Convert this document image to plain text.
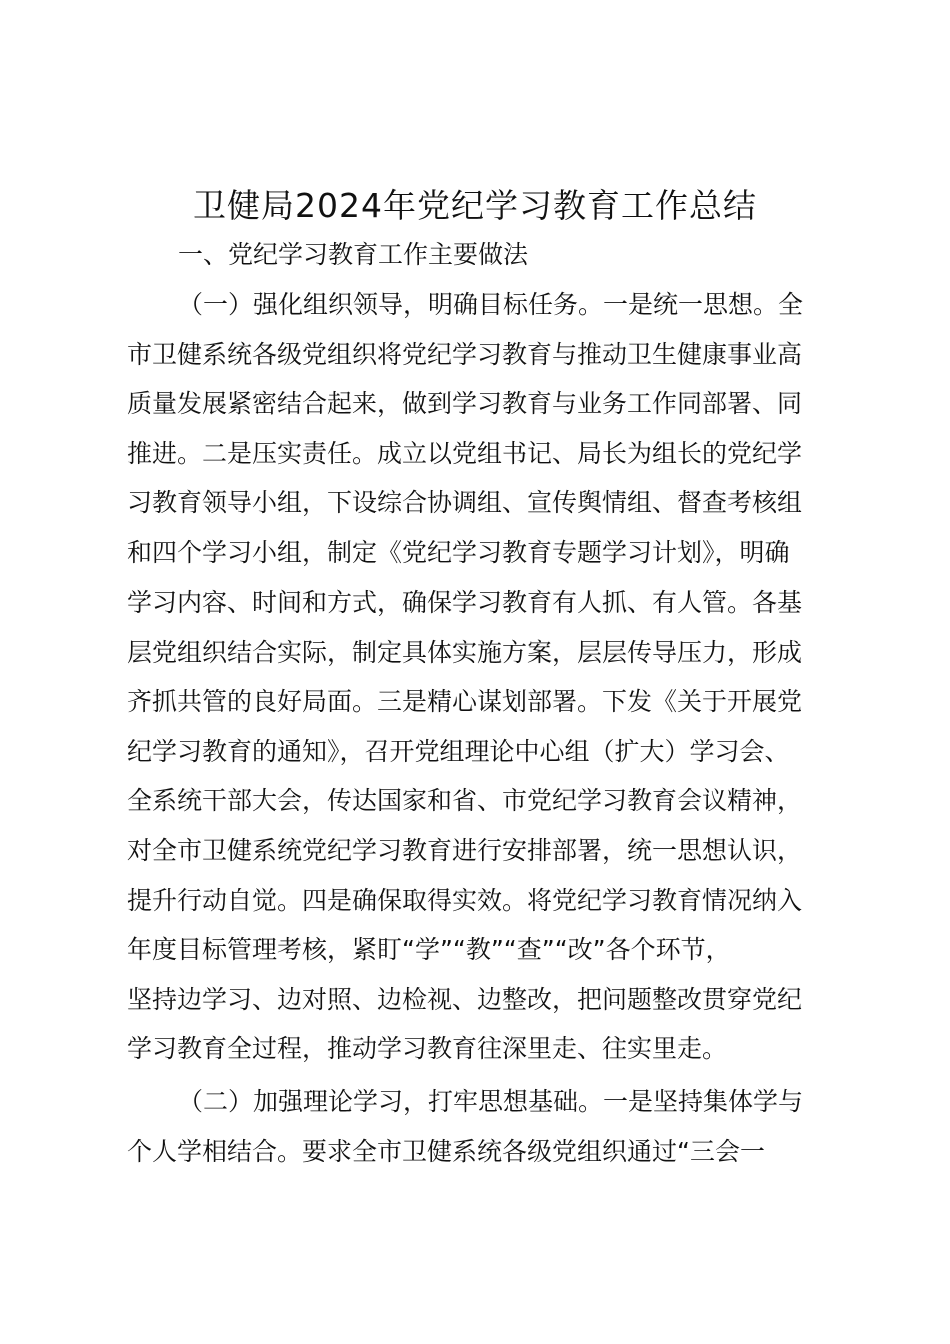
卫健局2024年党纪学习教育工作总结
一、党纪学习教育工作主要做法
（一）强化组织领导，明确目标任务。一是统一思想。全
市卫健系统各级党组织将党纪学习教育与推动卫生健康事业高
质量发展紧密结合起来，做到学习教育与业务工作同部署、同
推进。二是压实责任。成立以党组书记、局长为组长的党纪学
习教育领导小组，下设综合协调组、宣传舆情组、督查考核组
和四个学习小组，制定《党纪学习教育专题学习计划》，明确
学习内容、时间和方式，确保学习教育有人抓、有人管。各基
层党组织结合实际，制定具体实施方案，层层传导压力，形成
齐抓共管的良好局面。三是精心谋划部署。下发《关于开展党
纪学习教育的通知》，召开党组理论中心组（扩大）学习会、
全系统干部大会，传达国家和省、市党纪学习教育会议精神，
对全市卫健系统党纪学习教育进行安排部署，统一思想认识，
提升行动自觉。四是确保取得实效。将党纪学习教育情况纳入
年度目标管理考核，紧盯“学”“教”“查”“改”各个环节，
坚持边学习、边对照、边检视、边整改，把问题整改贯穿党纪
学习教育全过程，推动学习教育往深里走、往实里走。
（二）加强理论学习，打牢思想基础。一是坚持集体学与
个人学相结合。要求全市卫健系统各级党组织通过“三会一
